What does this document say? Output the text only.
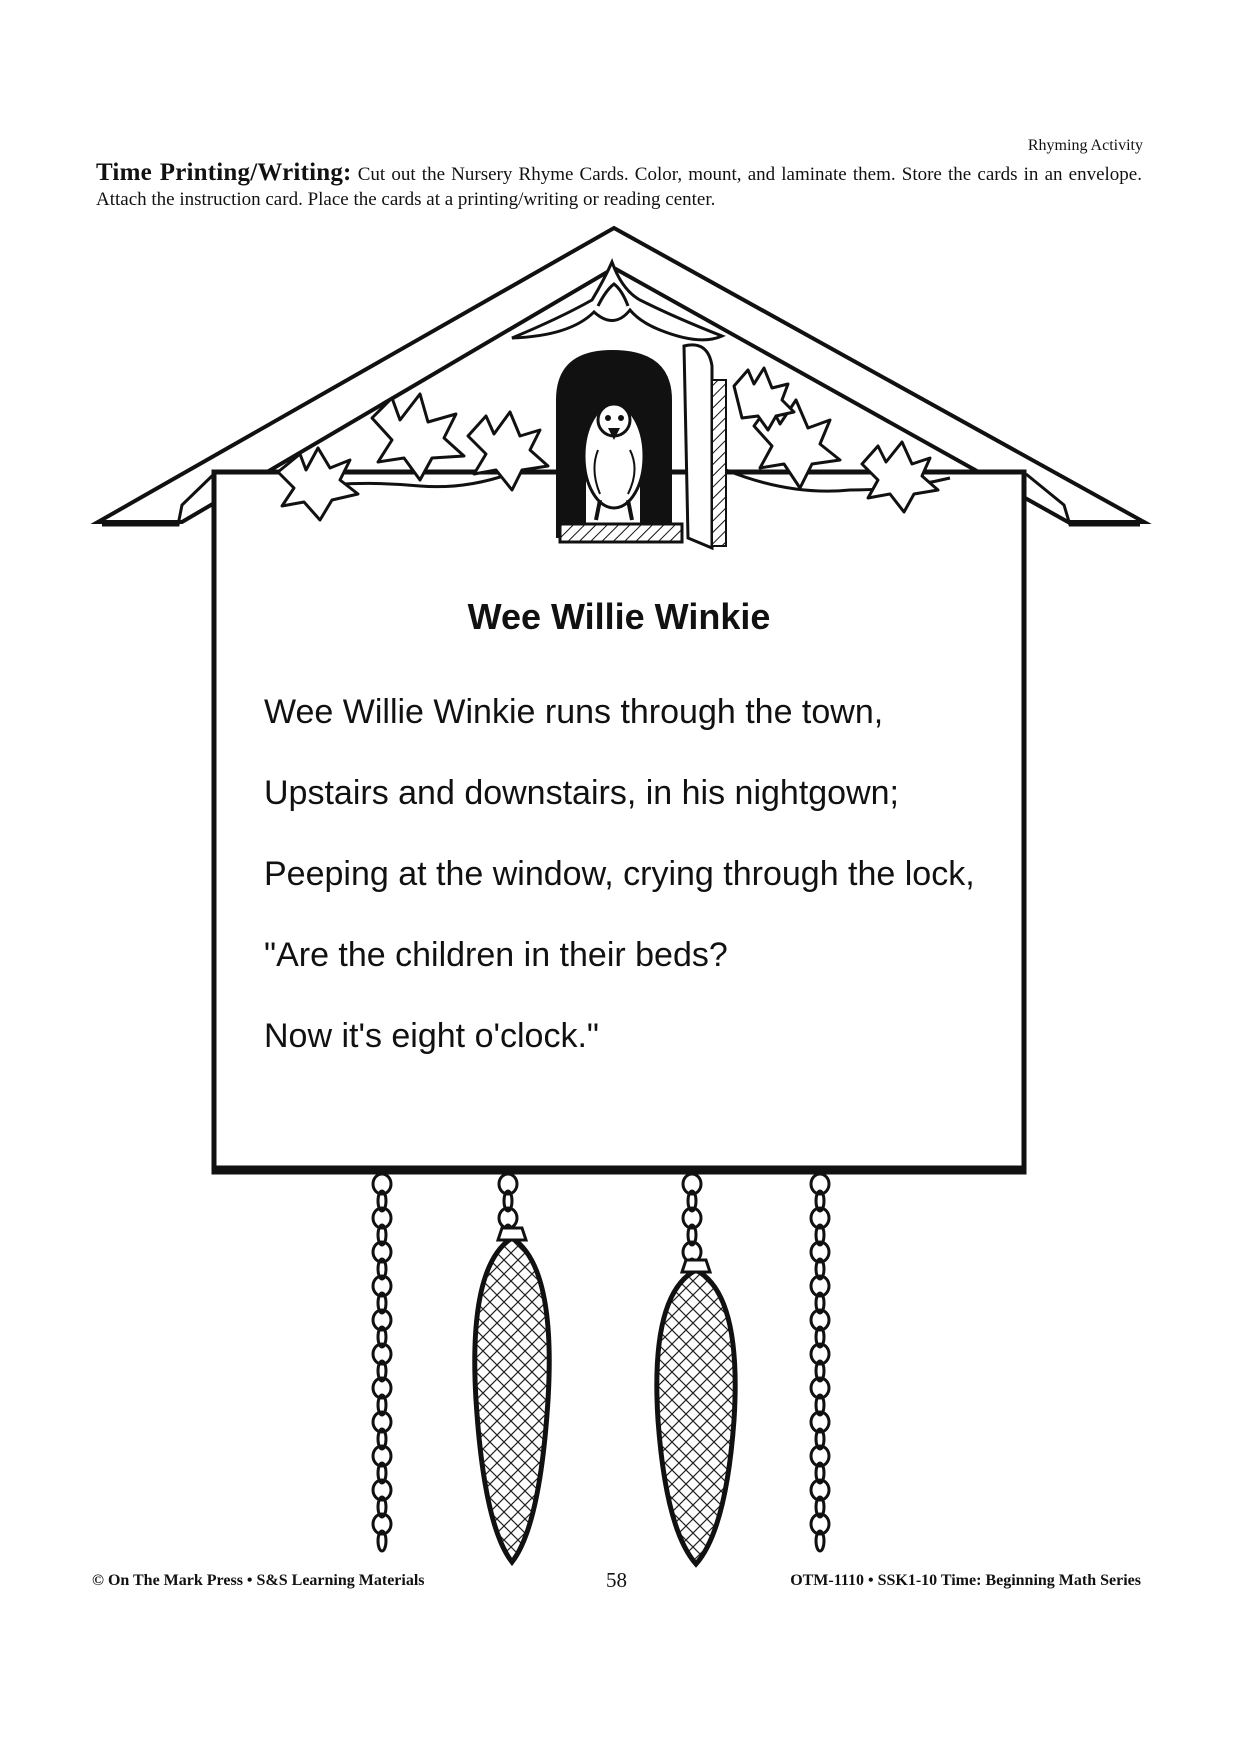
Rhyming Activity
Time Printing/Writing: Cut out the Nursery Rhyme Cards. Color, mount, and laminate them. Store the cards in an envelope. Attach the instruction card. Place the cards at a printing/writing or reading center.
Wee Willie Winkie

Wee Willie Winkie runs through the town,

Upstairs and downstairs, in his nightgown;

Peeping at the window, crying through the lock,

"Are the children in their beds?

Now it's eight o'clock."

© On The Mark Press • S&S Learning Materials	58	OTM-1110 • SSK1-10 Time: Beginning Math Series
